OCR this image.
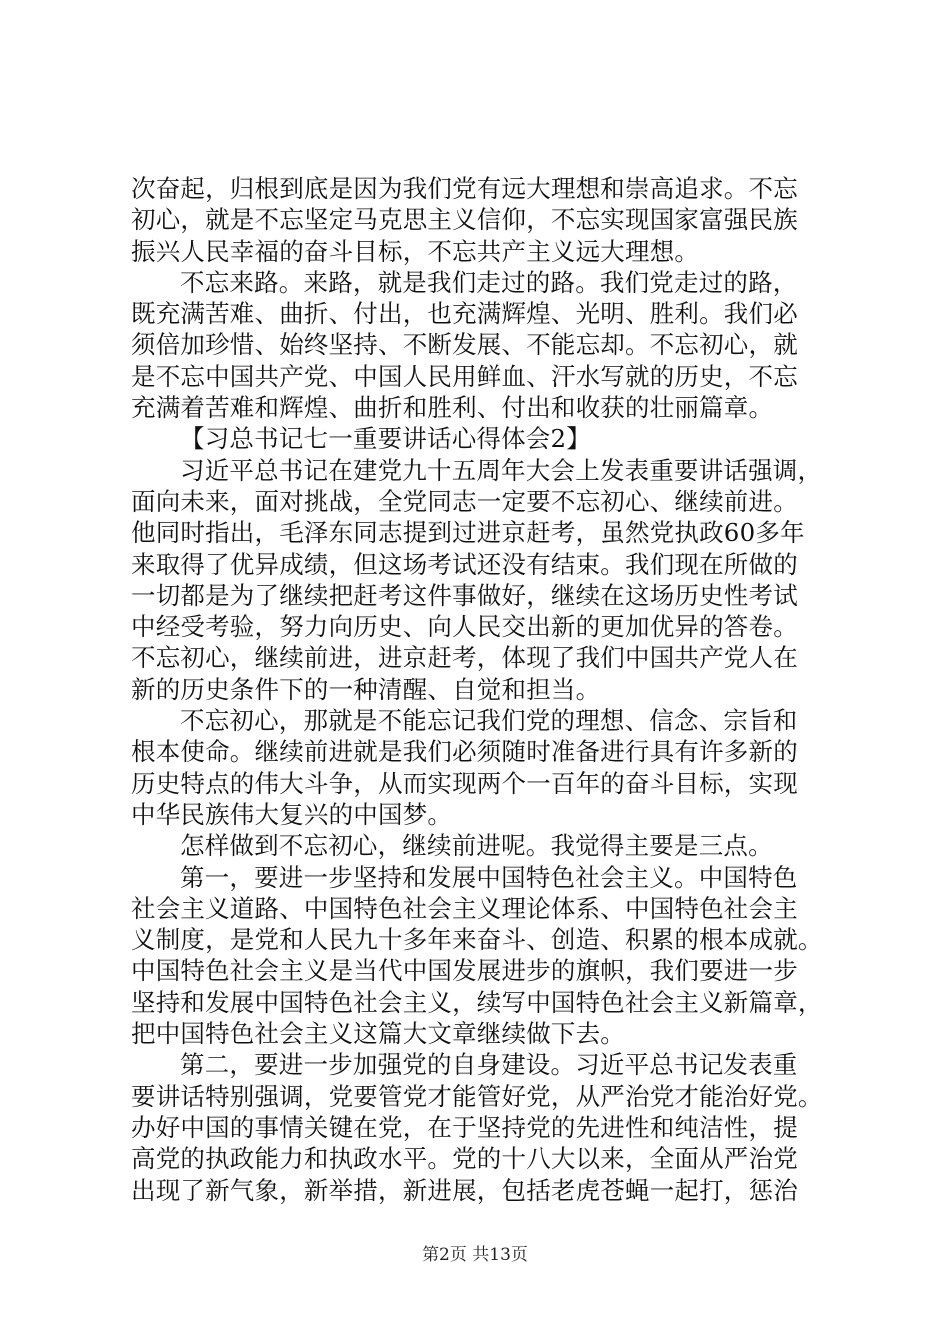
次奋起，归根到底是因为我们党有远大理想和崇高追求。不忘
初心，就是不忘坚定马克思主义信仰，不忘实现国家富强民族
振兴人民幸福的奋斗目标，不忘共产主义远大理想。
不忘来路。来路，就是我们走过的路。我们党走过的路，
既充满苦难、曲折、付出，也充满辉煌、光明、胜利。我们必
须倍加珍惜、始终坚持、不断发展、不能忘却。不忘初心，就
是不忘中国共产党、中国人民用鲜血、汗水写就的历史，不忘
充满着苦难和辉煌、曲折和胜利、付出和收获的壮丽篇章。
【习总书记七一重要讲话心得体会2】
习近平总书记在建党九十五周年大会上发表重要讲话强调，
面向未来，面对挑战，全党同志一定要不忘初心、继续前进。
他同时指出，毛泽东同志提到过进京赶考，虽然党执政60多年
来取得了优异成绩，但这场考试还没有结束。我们现在所做的
一切都是为了继续把赶考这件事做好，继续在这场历史性考试
中经受考验，努力向历史、向人民交出新的更加优异的答卷。
不忘初心，继续前进，进京赶考，体现了我们中国共产党人在
新的历史条件下的一种清醒、自觉和担当。
不忘初心，那就是不能忘记我们党的理想、信念、宗旨和
根本使命。继续前进就是我们必须随时准备进行具有许多新的
历史特点的伟大斗争，从而实现两个一百年的奋斗目标，实现
中华民族伟大复兴的中国梦。
怎样做到不忘初心，继续前进呢。我觉得主要是三点。
第一，要进一步坚持和发展中国特色社会主义。中国特色
社会主义道路、中国特色社会主义理论体系、中国特色社会主
义制度，是党和人民九十多年来奋斗、创造、积累的根本成就。
中国特色社会主义是当代中国发展进步的旗帜，我们要进一步
坚持和发展中国特色社会主义，续写中国特色社会主义新篇章，
把中国特色社会主义这篇大文章继续做下去。
第二，要进一步加强党的自身建设。习近平总书记发表重
要讲话特别强调，党要管党才能管好党，从严治党才能治好党。
办好中国的事情关键在党，在于坚持党的先进性和纯洁性，提
高党的执政能力和执政水平。党的十八大以来，全面从严治党
出现了新气象，新举措，新进展，包括老虎苍蝇一起打，惩治
第2页 共13页
